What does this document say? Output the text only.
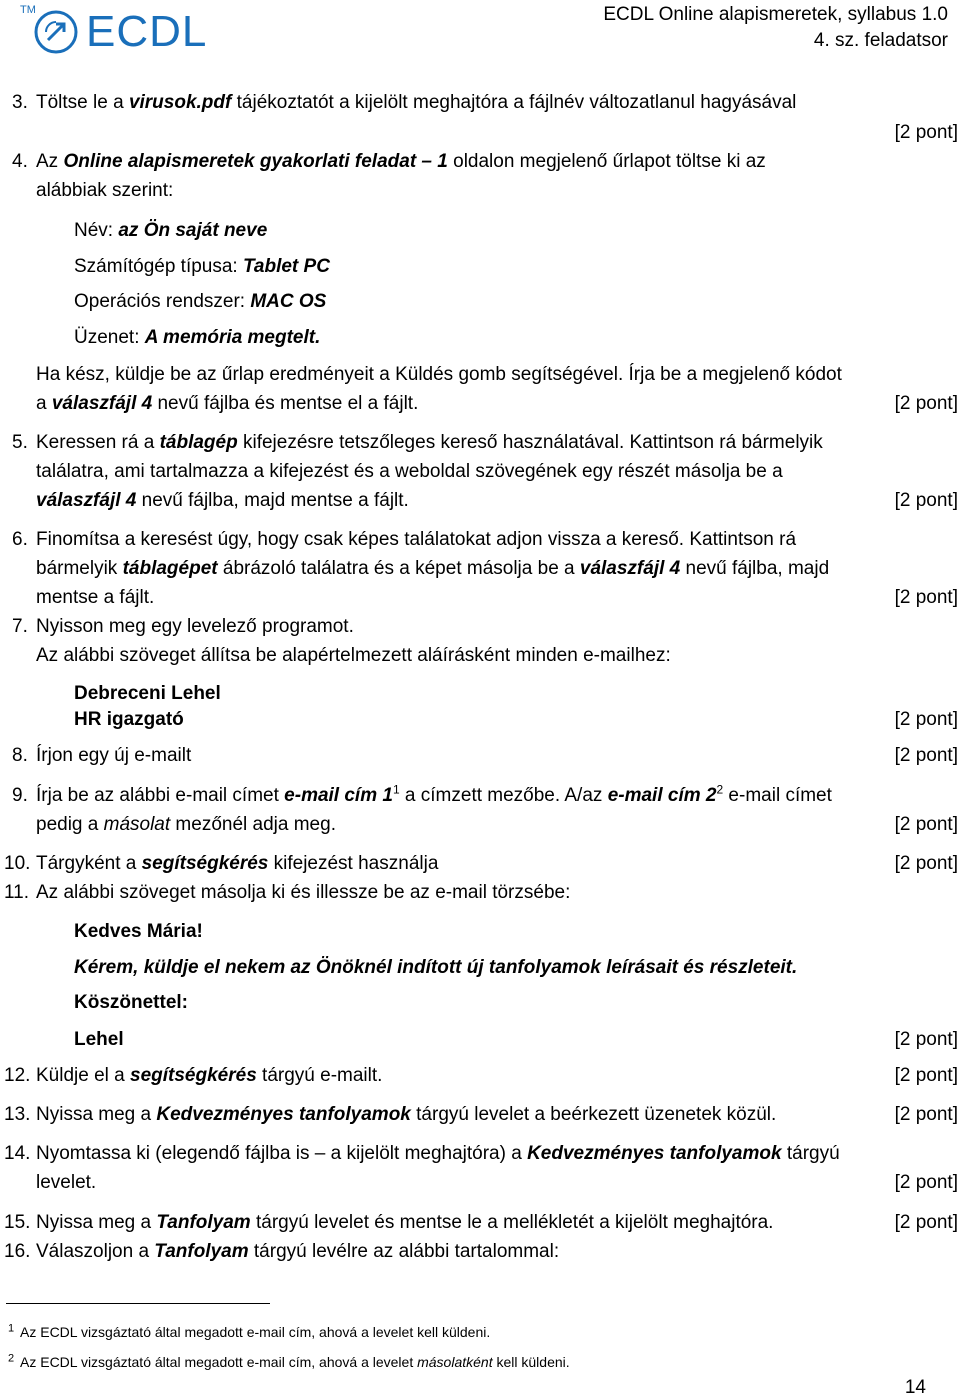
TM ECDL	ECDL Online alapismeretek, syllabus 1.0
4. sz. feladatsor
3. Töltse le a virusok.pdf tájékoztatót a kijelölt meghajtóra a fájlnév változatlanul hagyásával
[2 pont]
4. Az Online alapismeretek gyakorlati feladat – 1 oldalon megjelenő űrlapot töltse ki az
alábbiak szerint:
Név: az Ön saját neve
Számítógép típusa: Tablet PC
Operációs rendszer: MAC OS
Üzenet: A memória megtelt.
Ha kész, küldje be az űrlap eredményeit a Küldés gomb segítségével. Írja be a megjelenő kódot
a válaszfájl 4 nevű fájlba és mentse el a fájlt.	[2 pont]
5. Keressen rá a táblagép kifejezésre tetszőleges kereső használatával. Kattintson rá bármelyik
találatra, ami tartalmazza a kifejezést és a weboldal szövegének egy részét másolja be a
válaszfájl 4 nevű fájlba, majd mentse a fájlt.	[2 pont]
6. Finomítsa a keresést úgy, hogy csak képes találatokat adjon vissza a kereső. Kattintson rá
bármelyik táblagépet ábrázoló találatra és a képet másolja be a válaszfájl 4 nevű fájlba, majd
mentse a fájlt.	[2 pont]
7. Nyisson meg egy levelező programot.
Az alábbi szöveget állítsa be alapértelmezett aláírásként minden e-mailhez:
Debreceni Lehel
HR igazgató	[2 pont]
8. Írjon egy új e-mailt	[2 pont]
9. Írja be az alábbi e-mail címet e-mail cím $1^1$ a címzett mezőbe. A/az e-mail cím $2^2$ e-mail címet
pedig a másolat mezőnél adja meg.	[2 pont]
10. Tárgyként a segítségkérés kifejezést használja	[2 pont]
11. Az alábbi szöveget másolja ki és illessze be az e-mail törzsébe:
Kedves Mária!
Kérem, küldje el nekem az Önöknél indított új tanfolyamok leírásait és részleteit.
Köszönettel:
Lehel	[2 pont]
12. Küldje el a segítségkérés tárgyú e-mailt.	[2 pont]
13. Nyissa meg a Kedvezményes tanfolyamok tárgyú levelet a beérkezett üzenetek közül.	[2 pont]
14. Nyomtassa ki (elegendő fájlba is – a kijelölt meghajtóra) a Kedvezményes tanfolyamok tárgyú
levelet.	[2 pont]
15. Nyissa meg a Tanfolyam tárgyú levelet és mentse le a mellékletét a kijelölt meghajtóra.	[2 pont]
16. Válaszoljon a Tanfolyam tárgyú levélre az alábbi tartalommal:
$^1$ Az ECDL vizsgáztató által megadott e-mail cím, ahová a levelet kell küldeni.
$^2$ Az ECDL vizsgáztató által megadott e-mail cím, ahová a levelet másolatként kell küldeni.
14
